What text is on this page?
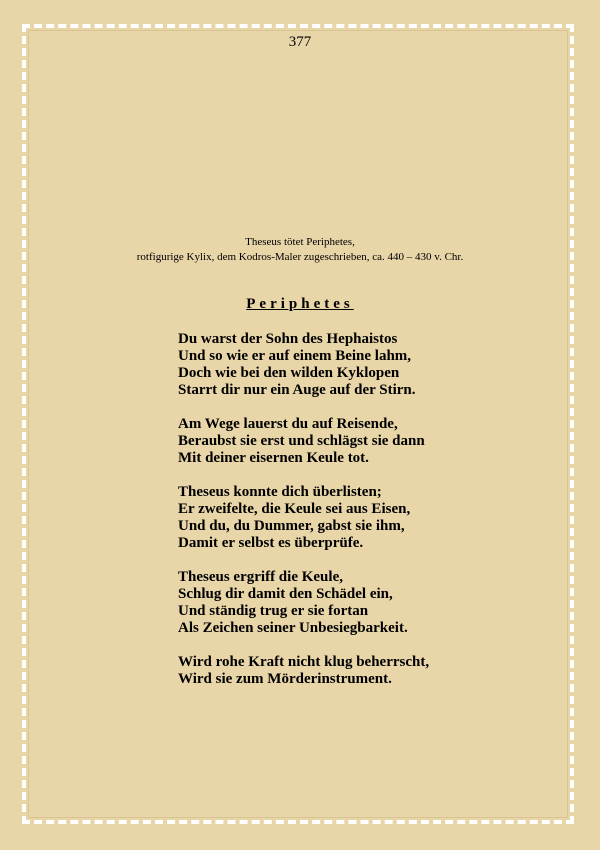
377
Theseus tötet Periphetes,
rotfigurige Kylix, dem Kodros-Maler zugeschrieben, ca. 440 – 430 v. Chr.
Periphetes
Du warst der Sohn des Hephaistos
Und so wie er auf einem Beine lahm,
Doch wie bei den wilden Kyklopen
Starrt dir nur ein Auge auf der Stirn.
Am Wege lauerst du auf Reisende,
Beraubst sie erst und schlägst sie dann
Mit deiner eisernen Keule tot.
Theseus konnte dich überlisten;
Er zweifelte, die Keule sei aus Eisen,
Und du, du Dummer, gabst sie ihm,
Damit er selbst es überprüfe.
Theseus ergriff die Keule,
Schlug dir damit den Schädel ein,
Und ständig trug er sie fortan
Als Zeichen seiner Unbesiegbarkeit.
Wird rohe Kraft nicht klug beherrscht,
Wird sie zum Mörderinstrument.
